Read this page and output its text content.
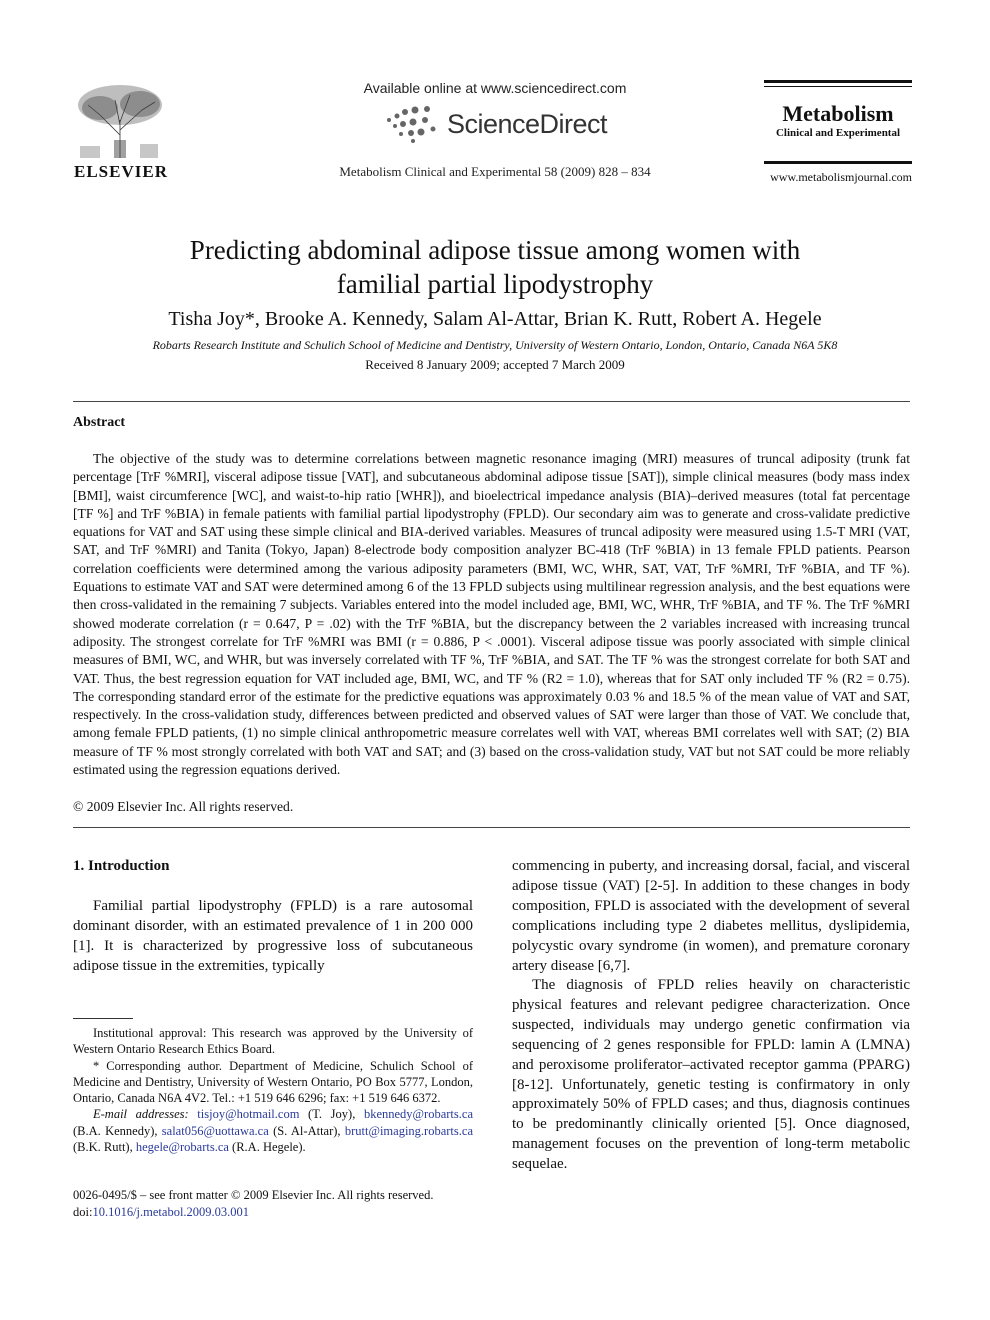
ELSEVIER
Available online at www.sciencedirect.com
ScienceDirect
Metabolism Clinical and Experimental 58 (2009) 828 – 834
Metabolism
Clinical and Experimental
www.metabolismjournal.com
Predicting abdominal adipose tissue among women with
familial partial lipodystrophy
Tisha Joy*, Brooke A. Kennedy, Salam Al-Attar, Brian K. Rutt, Robert A. Hegele
Robarts Research Institute and Schulich School of Medicine and Dentistry, University of Western Ontario, London, Ontario, Canada N6A 5K8
Received 8 January 2009; accepted 7 March 2009
Abstract
The objective of the study was to determine correlations between magnetic resonance imaging (MRI) measures of truncal adiposity (trunk fat percentage [TrF %MRI], visceral adipose tissue [VAT], and subcutaneous abdominal adipose tissue [SAT]), simple clinical measures (body mass index [BMI], waist circumference [WC], and waist-to-hip ratio [WHR]), and bioelectrical impedance analysis (BIA)–derived measures (total fat percentage [TF %] and TrF %BIA) in female patients with familial partial lipodystrophy (FPLD). Our secondary aim was to generate and cross-validate predictive equations for VAT and SAT using these simple clinical and BIA-derived variables. Measures of truncal adiposity were measured using 1.5-T MRI (VAT, SAT, and TrF %MRI) and Tanita (Tokyo, Japan) 8-electrode body composition analyzer BC-418 (TrF %BIA) in 13 female FPLD patients. Pearson correlation coefficients were determined among the various adiposity parameters (BMI, WC, WHR, SAT, VAT, TrF %MRI, TrF %BIA, and TF %). Equations to estimate VAT and SAT were determined among 6 of the 13 FPLD subjects using multilinear regression analysis, and the best equations were then cross-validated in the remaining 7 subjects. Variables entered into the model included age, BMI, WC, WHR, TrF %BIA, and TF %. The TrF %MRI showed moderate correlation (r = 0.647, P = .02) with the TrF %BIA, but the discrepancy between the 2 variables increased with increasing truncal adiposity. The strongest correlate for TrF %MRI was BMI (r = 0.886, P < .0001). Visceral adipose tissue was poorly associated with simple clinical measures of BMI, WC, and WHR, but was inversely correlated with TF %, TrF %BIA, and SAT. The TF % was the strongest correlate for both SAT and VAT. Thus, the best regression equation for VAT included age, BMI, WC, and TF % (R2 = 1.0), whereas that for SAT only included TF % (R2 = 0.75). The corresponding standard error of the estimate for the predictive equations was approximately 0.03 % and 18.5 % of the mean value of VAT and SAT, respectively. In the cross-validation study, differences between predicted and observed values of SAT were larger than those of VAT. We conclude that, among female FPLD patients, (1) no simple clinical anthropometric measure correlates well with VAT, whereas BMI correlates well with SAT; (2) BIA measure of TF % most strongly correlated with both VAT and SAT; and (3) based on the cross-validation study, VAT but not SAT could be more reliably estimated using the regression equations derived.
© 2009 Elsevier Inc. All rights reserved.
1. Introduction
Familial partial lipodystrophy (FPLD) is a rare autosomal dominant disorder, with an estimated prevalence of 1 in 200 000 [1]. It is characterized by progressive loss of subcutaneous adipose tissue in the extremities, typically

Institutional approval: This research was approved by the University of Western Ontario Research Ethics Board.

* Corresponding author. Department of Medicine, Schulich School of Medicine and Dentistry, University of Western Ontario, PO Box 5777, London, Ontario, Canada N6A 4V2. Tel.: +1 519 646 6296; fax: +1 519 646 6372.

E-mail addresses: tisjoy@hotmail.com (T. Joy), bkennedy@robarts.ca (B.A. Kennedy), salat056@uottawa.ca (S. Al-Attar), brutt@imaging.robarts.ca (B.K. Rutt), hegele@robarts.ca (R.A. Hegele).

0026-0495/$ – see front matter © 2009 Elsevier Inc. All rights reserved.
doi:10.1016/j.metabol.2009.03.001
commencing in puberty, and increasing dorsal, facial, and visceral adipose tissue (VAT) [2-5]. In addition to these changes in body composition, FPLD is associated with the development of several complications including type 2 diabetes mellitus, dyslipidemia, polycystic ovary syndrome (in women), and premature coronary artery disease [6,7].
The diagnosis of FPLD relies heavily on characteristic physical features and relevant pedigree characterization. Once suspected, individuals may undergo genetic confirmation via sequencing of 2 genes responsible for FPLD: lamin A (LMNA) and peroxisome proliferator–activated receptor gamma (PPARG) [8-12]. Unfortunately, genetic testing is confirmatory in only approximately 50% of FPLD cases; and thus, diagnosis continues to be predominantly clinically oriented [5]. Once diagnosed, management focuses on the prevention of long-term metabolic sequelae.
